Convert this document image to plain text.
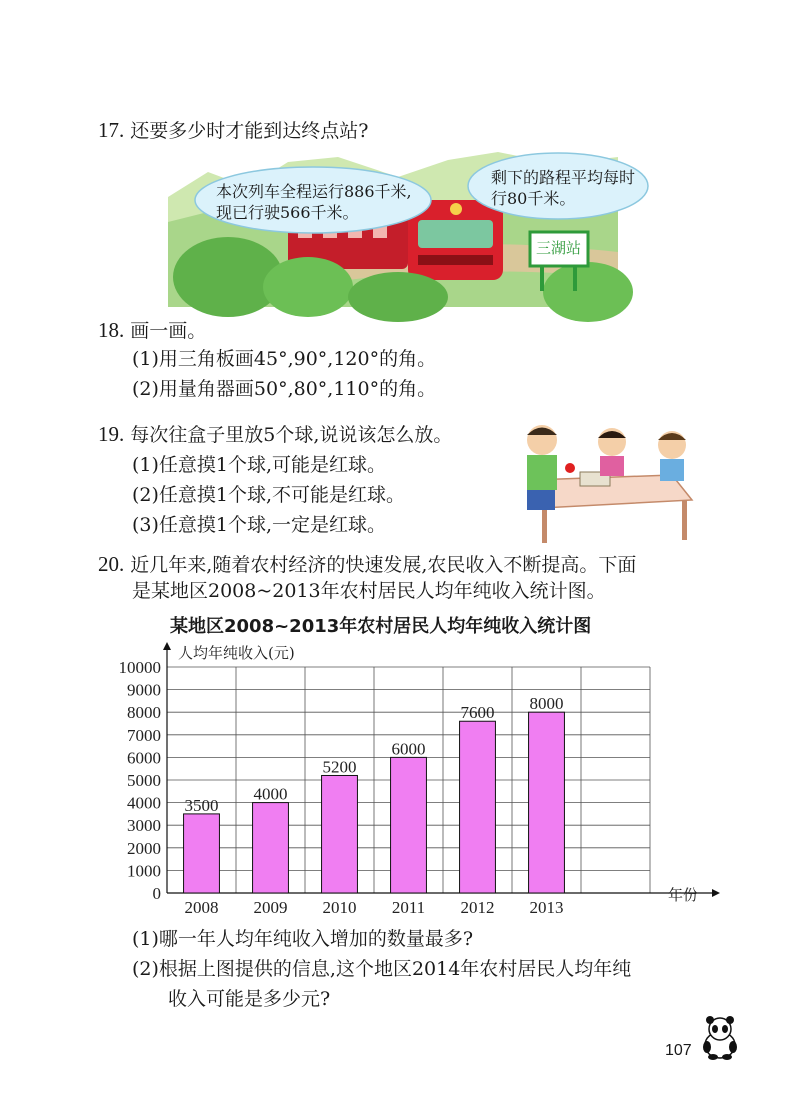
17. 还要多少时才能到达终点站?
本次列车全程运行886千米,
现已行驶566千米。
剩下的路程平均每时
行80千米。
三湖站
18. 画一画。
(1)用三角板画45°,90°,120°的角。
(2)用量角器画50°,80°,110°的角。
19. 每次往盒子里放5个球,说说该怎么放。
(1)任意摸1个球,可能是红球。
(2)任意摸1个球,不可能是红球。
(3)任意摸1个球,一定是红球。
20. 近几年来,随着农村经济的快速发展,农民收入不断提高。下面
是某地区2008~2013年农村居民人均年纯收入统计图。
某地区2008~2013年农村居民人均年纯收入统计图
0
1000
2000
3000
4000
5000
6000
7000
8000
9000
10000
人均年纯收入(元)
年份
3500
2008
4000
2009
5200
2010
6000
2011
7600
2012
8000
2013
(1)哪一年人均年纯收入增加的数量最多?
(2)根据上图提供的信息,这个地区2014年农村居民人均年纯
收入可能是多少元?
107
